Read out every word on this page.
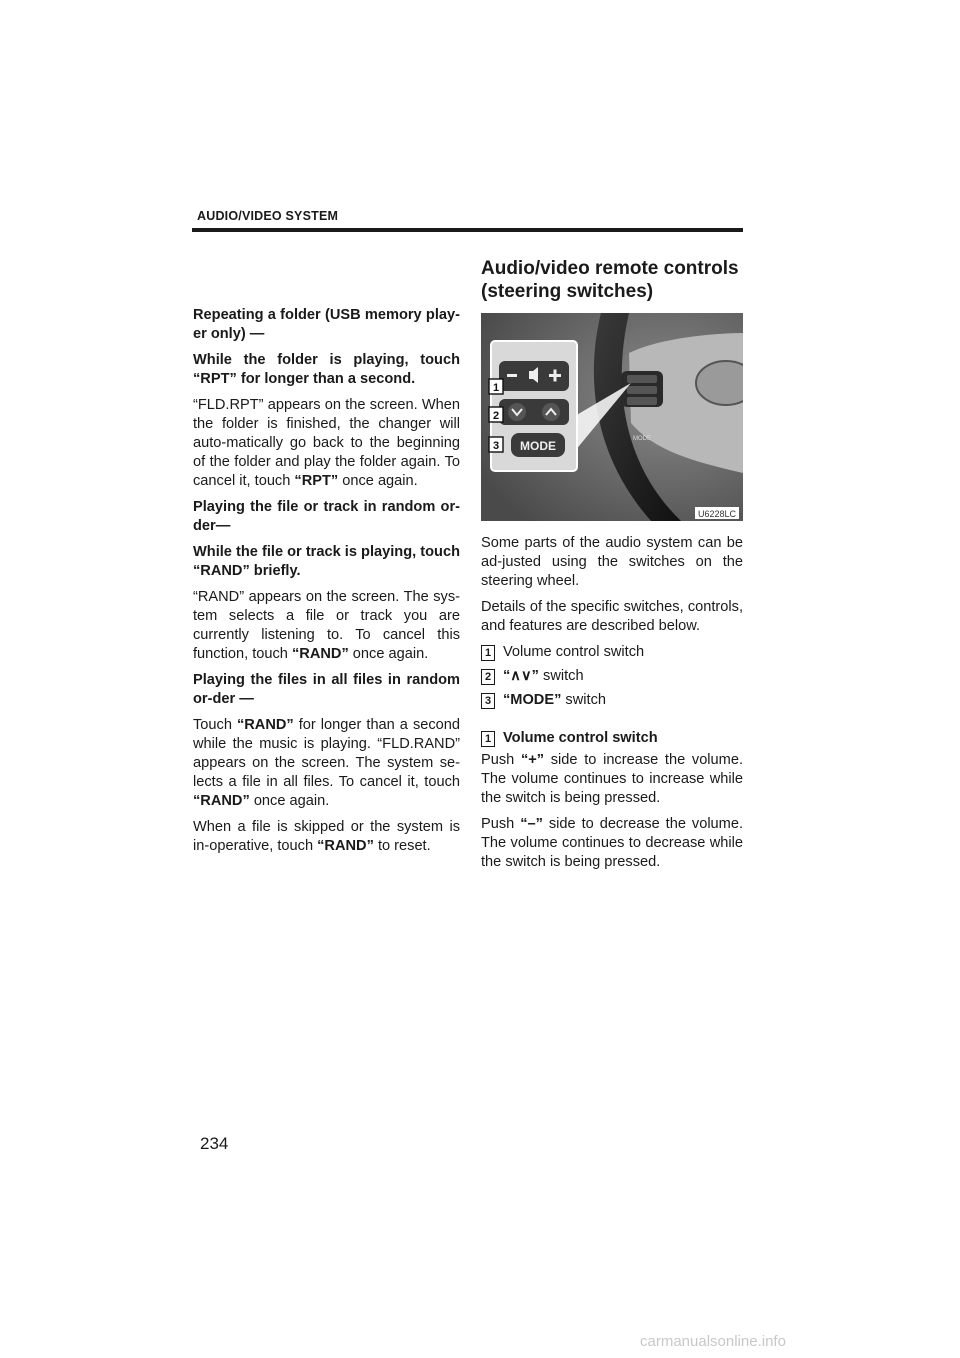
AUDIO/VIDEO SYSTEM

Repeating a folder (USB memory play-er only) —

While the folder is playing, touch “RPT” for longer than a second.

“FLD.RPT” appears on the screen. When the folder is finished, the changer will auto-matically go back to the beginning of the folder and play the folder again. To cancel it, touch “RPT” once again.

Playing the file or track in random or-der—

While the file or track is playing, touch “RAND” briefly.

“RAND” appears on the screen. The sys-tem selects a file or track you are currently listening to. To cancel this function, touch “RAND” once again.

Playing the files in all files in random or-der —

Touch “RAND” for longer than a second while the music is playing. “FLD.RAND” appears on the screen. The system se-lects a file in all files. To cancel it, touch “RAND” once again.

When a file is skipped or the system is in-operative, touch “RAND” to reset.

Audio/video remote controls
(steering switches)
MODE
MODE
1
2
3
U6228LC

Some parts of the audio system can be ad-justed using the switches on the steering wheel.

Details of the specific switches, controls, and features are described below.

1 Volume control switch
2 “∧∨” switch
3 “MODE” switch
1 Volume control switch

Push “+” side to increase the volume. The volume continues to increase while the switch is being pressed.

Push “–” side to decrease the volume. The volume continues to decrease while the switch is being pressed.

234
carmanualsonline.info
